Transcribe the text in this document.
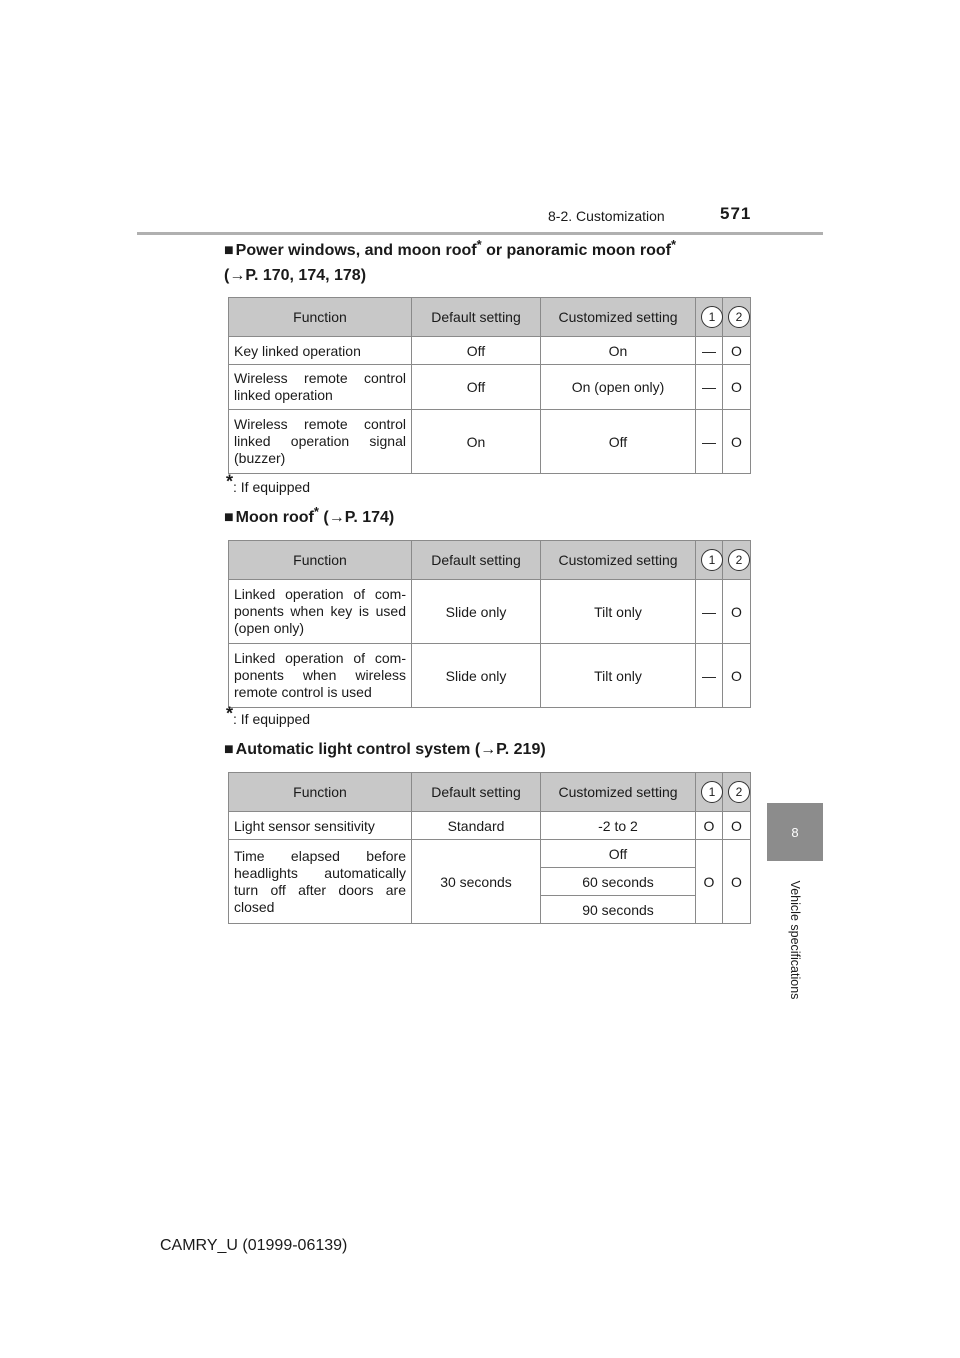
8-2. Customization	571
8
Vehicle specifications
■ Power windows, and moon roof* or panoramic moon roof*
(→P. 170, 174, 178)
Function	Default setting	Customized setting	1	2
Key linked operation	Off	On	—	O
Wireless remote control linked operation	Off	On (open only)	—	O
Wireless remote control linked operation signal (buzzer)	On	Off	—	O
*: If equipped
■ Moon roof* (→P. 174)
Function	Default setting	Customized setting	1	2
Linked operation of com- ponents when key is used (open only)	Slide only	Tilt only	—	O
Linked operation of com- ponents when wireless remote control is used	Slide only	Tilt only	—	O
*: If equipped
■ Automatic light control system (→P. 219)
Function	Default setting	Customized setting	1	2
Light sensor sensitivity	Standard	-2 to 2	O	O
Time elapsed before headlights automatically turn off after doors are closed	30 seconds	Off	O	O
		60 seconds		
		90 seconds		
CAMRY_U (01999-06139)
